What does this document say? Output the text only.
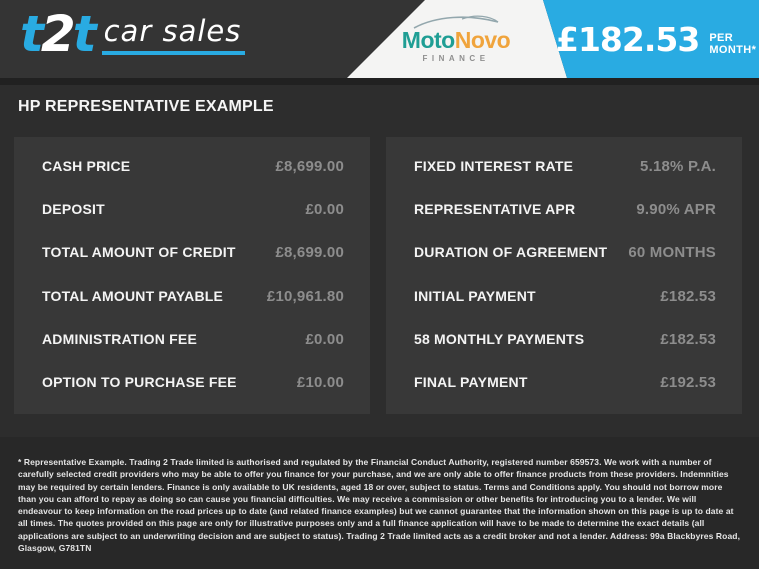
t 2 t car sales	MotoNovo
FINANCE	£182.53 PER MONTH*
HP REPRESENTATIVE EXAMPLE
CASH PRICE	£8,699.00
DEPOSIT	£0.00
TOTAL AMOUNT OF CREDIT	£8,699.00
TOTAL AMOUNT PAYABLE	£10,961.80
ADMINISTRATION FEE	£0.00
OPTION TO PURCHASE FEE	£10.00
FIXED INTEREST RATE	5.18% P.A.
REPRESENTATIVE APR	9.90% APR
DURATION OF AGREEMENT 60 MONTHS
INITIAL PAYMENT	£182.53
58 MONTHLY PAYMENTS	£182.53
FINAL PAYMENT	£192.53

* Representative Example. Trading 2 Trade limited is authorised and regulated by the Financial Conduct Authority, registered number 659573. We work with a number of carefully selected credit providers who may be able to offer you finance for your purchase, and we are only able to offer finance products from these providers. Indemnities may be required by certain lenders. Finance is only available to UK residents, aged 18 or over, subject to status. Terms and Conditions apply. You should not borrow more than you can afford to repay as doing so can cause you financial difficulties. We may receive a commission or other benefits for introducing you to a lender. We will endeavour to keep information on the road prices up to date (and related finance examples) but we cannot guarantee that the information shown on this page is up to date at all times. The quotes provided on this page are only for illustrative purposes only and a full finance application will have to be made to determine the exact details (all applications are subject to an underwriting decision and are subject to status). Trading 2 Trade limited acts as a credit broker and not a lender. Address: 99a Blackbyres Road, Glasgow, G781TN
